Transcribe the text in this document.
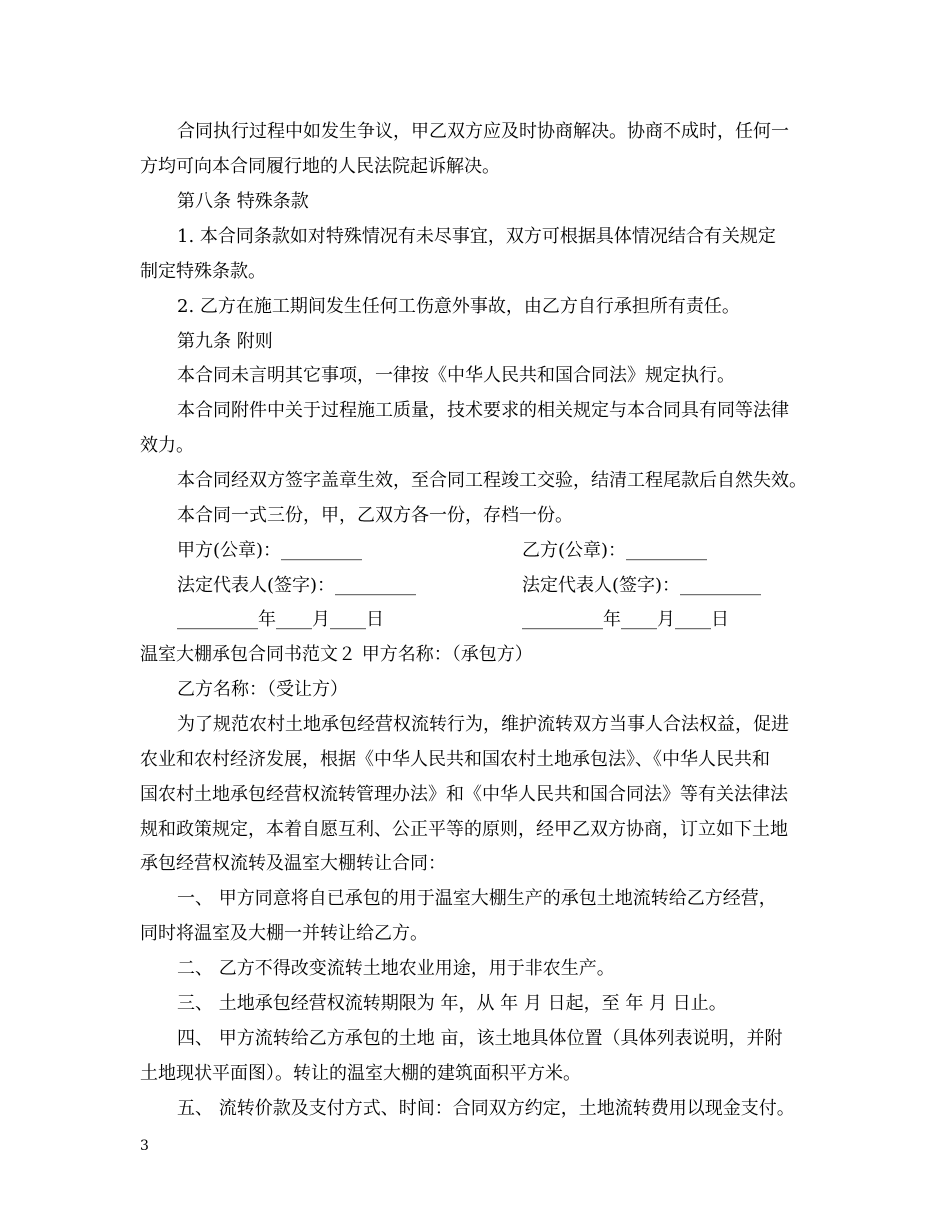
合同执行过程中如发生争议，甲乙双方应及时协商解决。协商不成时，任何一

方均可向本合同履行地的人民法院起诉解决。

第八条 特殊条款

1. 本合同条款如对特殊情况有未尽事宜，双方可根据具体情况结合有关规定

制定特殊条款。

2. 乙方在施工期间发生任何工伤意外事故，由乙方自行承担所有责任。

第九条 附则

本合同未言明其它事项，一律按《中华人民共和国合同法》规定执行。

本合同附件中关于过程施工质量，技术要求的相关规定与本合同具有同等法律

效力。

本合同经双方签字盖章生效，至合同工程竣工交验，结清工程尾款后自然失效。

本合同一式三份，甲，乙双方各一份，存档一份。

甲方(公章)：_________	乙方(公章)：_________
法定代表人(签字)：_________	法定代表人(签字)：_________
_________年____月____日	_________年____月____日

温室大棚承包合同书范文２ 甲方名称：（承包方）

乙方名称：（受让方）

为了规范农村土地承包经营权流转行为，维护流转双方当事人合法权益，促进

农业和农村经济发展，根据《中华人民共和国农村土地承包法》、《中华人民共和

国农村土地承包经营权流转管理办法》和《中华人民共和国合同法》等有关法律法

规和政策规定，本着自愿互利、公正平等的原则，经甲乙双方协商，订立如下土地

承包经营权流转及温室大棚转让合同：

一、 甲方同意将自已承包的用于温室大棚生产的承包土地流转给乙方经营，

同时将温室及大棚一并转让给乙方。

二、 乙方不得改变流转土地农业用途，用于非农生产。

三、 土地承包经营权流转期限为 年，从 年 月 日起，至 年 月 日止。

四、 甲方流转给乙方承包的土地 亩，该土地具体位置（具体列表说明，并附

土地现状平面图）。转让的温室大棚的建筑面积平方米。

五、 流转价款及支付方式、时间：合同双方约定，土地流转费用以现金支付。

3
